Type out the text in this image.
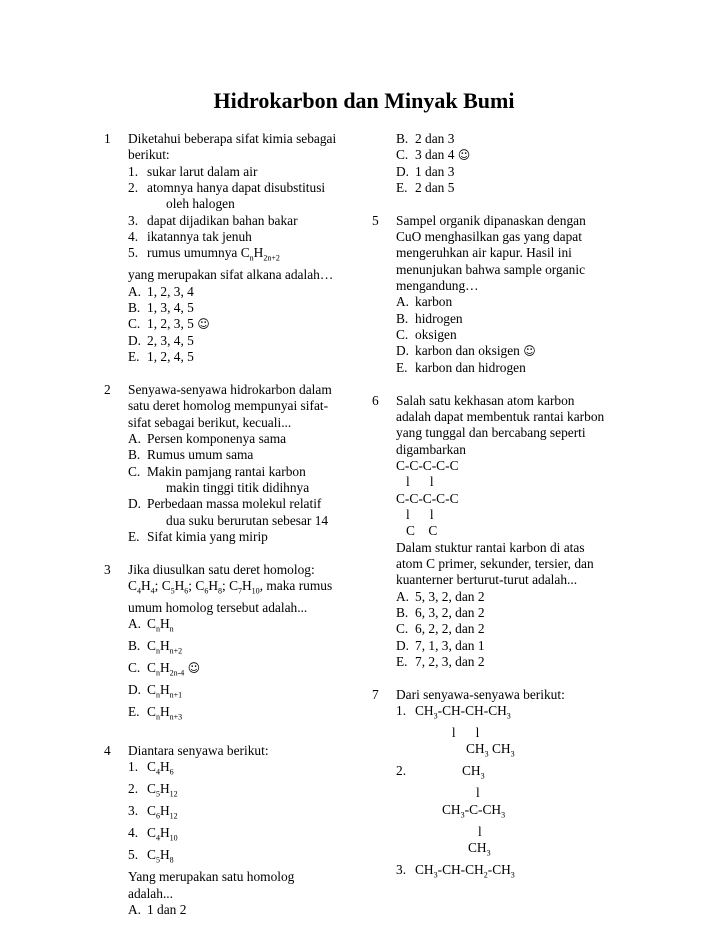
Hidrokarbon dan Minyak Bumi
1 Diketahui beberapa sifat kimia sebagai
berikut:
1. sukar larut dalam air
2. atomnya hanya dapat disubstitusi
oleh halogen
3. dapat dijadikan bahan bakar
4. ikatannya tak jenuh
5. rumus umumnya $C_nH_{2n+2}$
yang merupakan sifat alkana adalah…
A. 1, 2, 3, 4
B. 1, 3, 4, 5
C. 1, 2, 3, 5 ☺
D. 2, 3, 4, 5
E. 1, 2, 4, 5
2 Senyawa-senyawa hidrokarbon dalam
satu deret homolog mempunyai sifat-
sifat sebagai berikut, kecuali...
A. Persen komponenya sama
B. Rumus umum sama
C. Makin pamjang rantai karbon
makin tinggi titik didihnya
D. Perbedaan massa molekul relatif
dua suku berurutan sebesar 14
E. Sifat kimia yang mirip
3 Jika diusulkan satu deret homolog:
$C_4H_4$; $C_5H_6$; $C_6H_8$; $C_7H_{10}$, maka rumus
umum homolog tersebut adalah...
A. $C_nH_n$
B. $C_nH_{n+2}$
C. $C_nH_{2n-4}$ ☺
D. $C_nH_{n+1}$
E. $C_nH_{n+3}$
4 Diantara senyawa berikut:
1. $C_4H_6$
2. $C_5H_{12}$
3. $C_6H_{12}$
4. $C_4H_{10}$
5. $C_5H_8$
Yang merupakan satu homolog
adalah...
A. 1 dan 2
B. 2 dan 3
C. 3 dan 4 ☺
D. 1 dan 3
E. 2 dan 5
5 Sampel organik dipanaskan dengan
CuO menghasilkan gas yang dapat
mengeruhkan air kapur. Hasil ini
menunjukan bahwa sample organic
mengandung…
A. karbon
B. hidrogen
C. oksigen
D. karbon dan oksigen ☺
E. karbon dan hidrogen
6 Salah satu kekhasan atom karbon
adalah dapat membentuk rantai karbon
yang tunggal dan bercabang seperti
digambarkan
C-C-C-C-C
l      l
C-C-C-C-C
l      l
C    C
Dalam stuktur rantai karbon di atas
atom C primer, sekunder, tersier, dan
kuanterner berturut-turut adalah...
A. 5, 3, 2, dan 2
B. 6, 3, 2, dan 2
C. 6, 2, 2, dan 2
D. 7, 1, 3, dan 1
E. 7, 2, 3, dan 2
7 Dari senyawa-senyawa berikut:
1. $CH_3-CH-CH-CH_3$
l      l
$CH_3$ $CH_3$
2.	$CH_3$
l
$CH_3-C-CH_3$
l
$CH_3$
3. $CH_3-CH-CH_2-CH_3$
